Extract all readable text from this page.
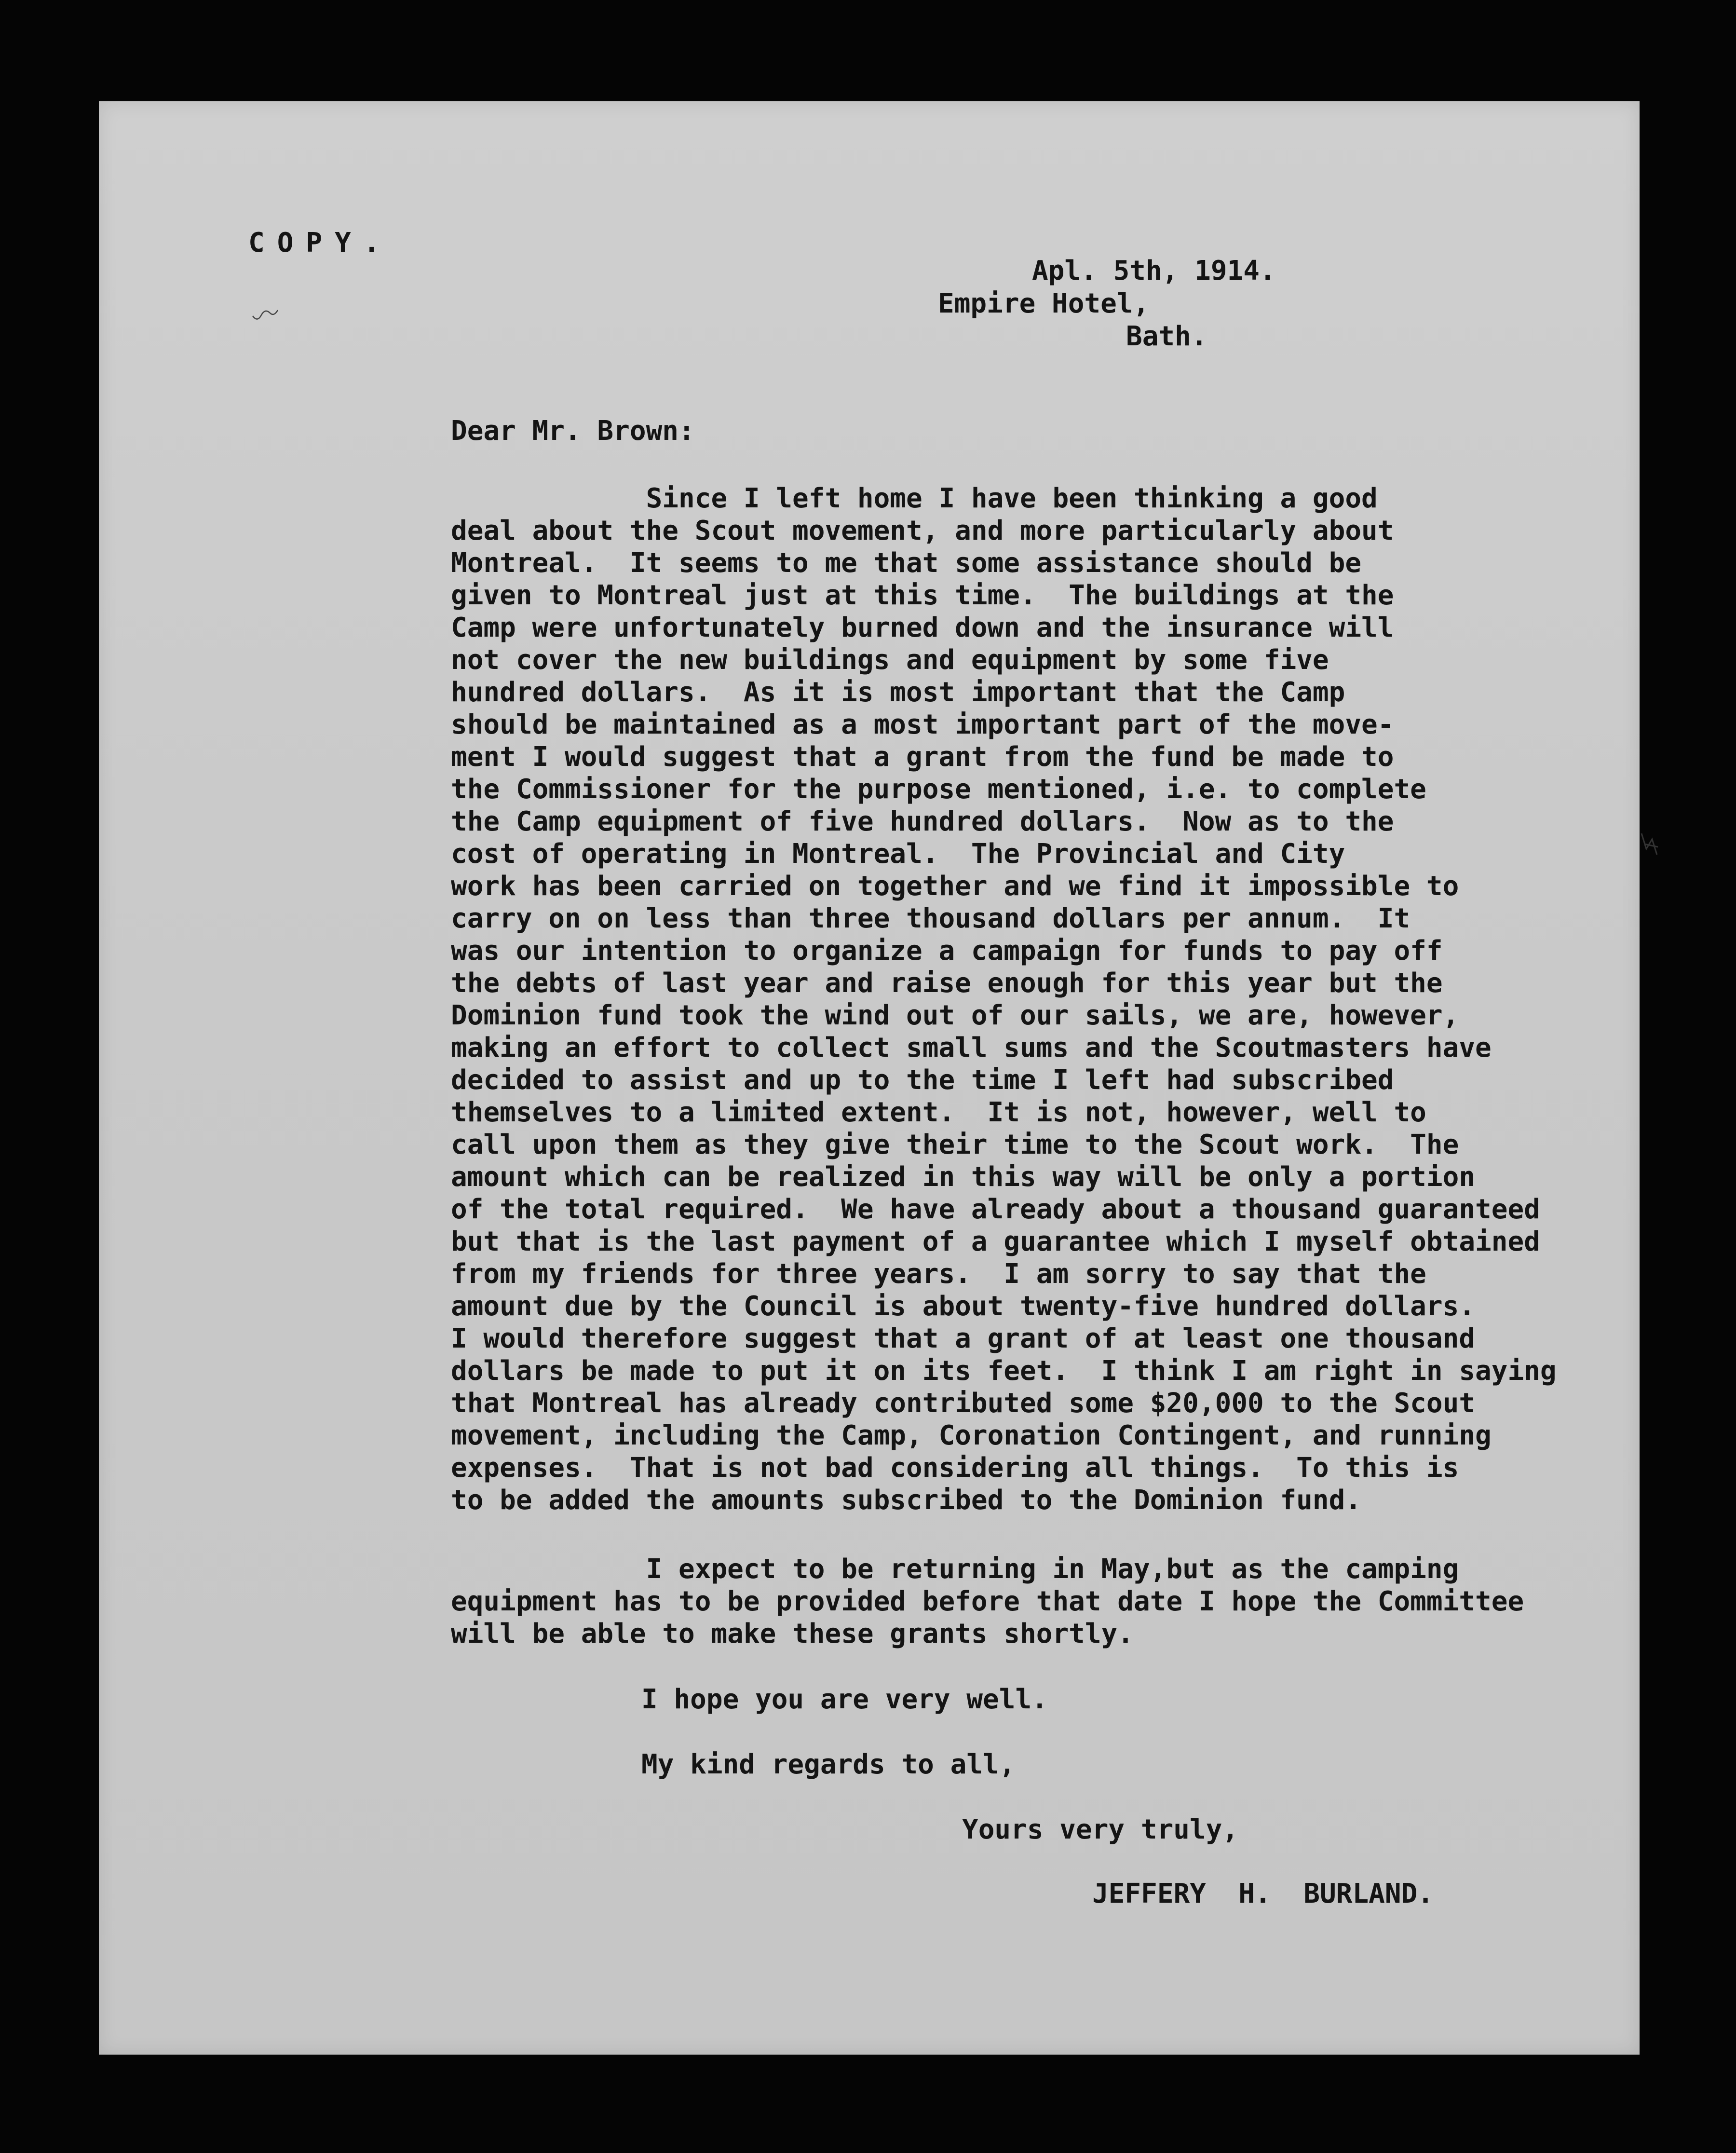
COPY.

Apl. 5th, 1914.

Empire Hotel,

Bath.

Dear Mr. Brown:

Since I left home I have been thinking a good
deal about the Scout movement, and more particularly about
Montreal.  It seems to me that some assistance should be
given to Montreal just at this time.  The buildings at the
Camp were unfortunately burned down and the insurance will
not cover the new buildings and equipment by some five
hundred dollars.  As it is most important that the Camp
should be maintained as a most important part of the move-
ment I would suggest that a grant from the fund be made to
the Commissioner for the purpose mentioned, i.e. to complete
the Camp equipment of five hundred dollars.  Now as to the
cost of operating in Montreal.  The Provincial and City
work has been carried on together and we find it impossible to
carry on on less than three thousand dollars per annum.  It
was our intention to organize a campaign for funds to pay off
the debts of last year and raise enough for this year but the
Dominion fund took the wind out of our sails, we are, however,
making an effort to collect small sums and the Scoutmasters have
decided to assist and up to the time I left had subscribed
themselves to a limited extent.  It is not, however, well to
call upon them as they give their time to the Scout work.  The
amount which can be realized in this way will be only a portion
of the total required.  We have already about a thousand guaranteed
but that is the last payment of a guarantee which I myself obtained
from my friends for three years.  I am sorry to say that the
amount due by the Council is about twenty-five hundred dollars.
I would therefore suggest that a grant of at least one thousand
dollars be made to put it on its feet.  I think I am right in saying
that Montreal has already contributed some $20,000 to the Scout
movement, including the Camp, Coronation Contingent, and running
expenses.  That is not bad considering all things.  To this is
to be added the amounts subscribed to the Dominion fund.

I expect to be returning in May,but as the camping
equipment has to be provided before that date I hope the Committee
will be able to make these grants shortly.

I hope you are very well.

My kind regards to all,

Yours very truly,

JEFFERY  H.  BURLAND.
